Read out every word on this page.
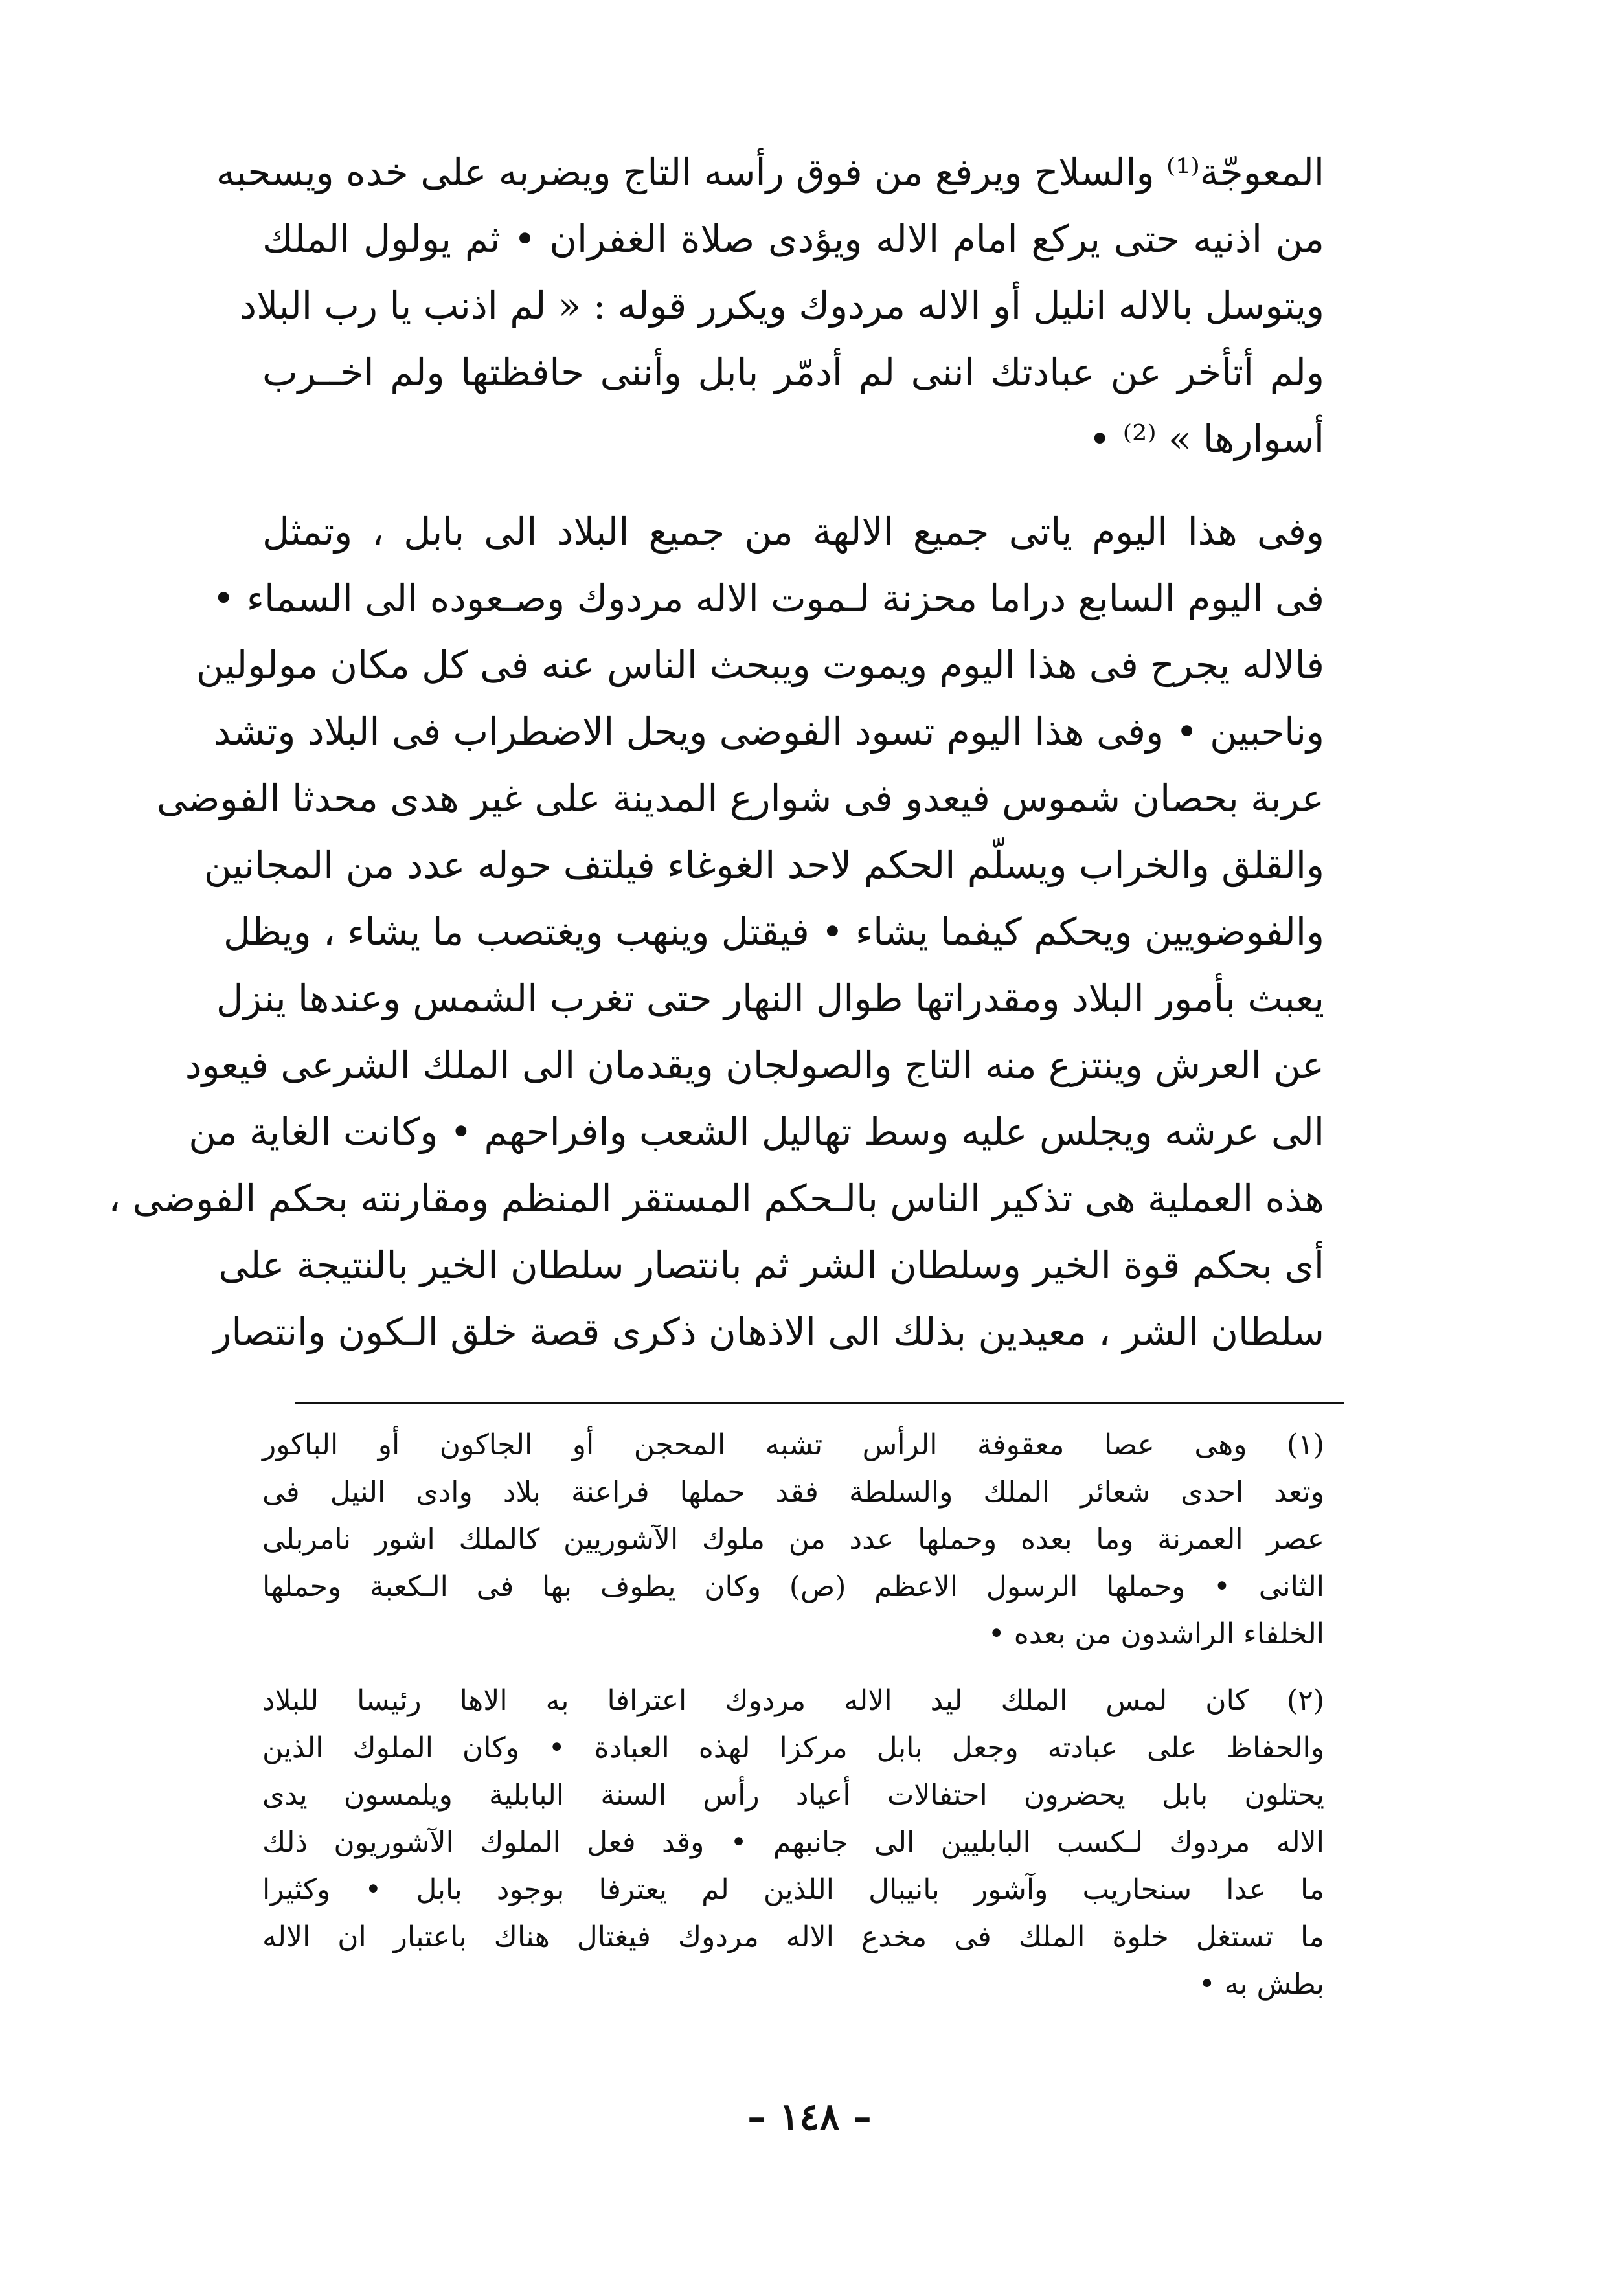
المعوجّة⁽¹⁾ والسلاح ويرفع من فوق رأسه التاج ويضربه على خده ويسحبه
من اذنيه حتى يركع امام الاله ويؤدى صلاة الغفران • ثم يولول الملك
ويتوسل بالاله انليل أو الاله مردوك ويكرر قوله : « لم اذنب يا رب البلاد
ولم أتأخر عن عبادتك اننى لم أدمّر بابل وأننى حافظتها ولم اخــرب
أسوارها » ⁽²⁾ •
وفى هذا اليوم ياتى جميع الالهة من جميع البلاد الى بابل ، وتمثل
فى اليوم السابع دراما محزنة لـموت الاله مردوك وصـعوده الى السماء •
فالاله يجرح فى هذا اليوم ويموت ويبحث الناس عنه فى كل مكان مولولين
وناحبين • وفى هذا اليوم تسود الفوضى ويحل الاضطراب فى البلاد وتشد
عربة بحصان شموس فيعدو فى شوارع المدينة على غير هدى محدثا الفوضى
والقلق والخراب ويسلّم الحكم لاحد الغوغاء فيلتف حوله عدد من المجانين
والفوضويين ويحكم كيفما يشاء • فيقتل وينهب ويغتصب ما يشاء ، ويظل
يعبث بأمور البلاد ومقدراتها طوال النهار حتى تغرب الشمس وعندها ينزل
عن العرش وينتزع منه التاج والصولجان ويقدمان الى الملك الشرعى فيعود
الى عرشه ويجلس عليه وسط تهاليل الشعب وافراحهم • وكانت الغاية من
هذه العملية هى تذكير الناس بالـحكم المستقر المنظم ومقارنته بحكم الفوضى ،
أى بحكم قوة الخير وسلطان الشر ثم بانتصار سلطان الخير بالنتيجة على
سلطان الشر ، معيدين بذلك الى الاذهان ذكرى قصة خلق الـكون وانتصار
(١) وهى عصا معقوفة الرأس تشبه المحجن أو الجاكون أو الباكور
وتعد احدى شعائر الملك والسلطة فقد حملها فراعنة بلاد وادى النيل فى
عصر العمرنة وما بعده وحملها عدد من ملوك الآشوريين كالملك اشور نامربلى
الثانى • وحملها الرسول الاعظم (ص) وكان يطوف بها فى الـكعبة وحملها
الخلفاء الراشدون من بعده •
(٢) كان لمس الملك ليد الاله مردوك اعترافا به الاها رئيسا للبلاد
والحفاظ على عبادته وجعل بابل مركزا لهذه العبادة • وكان الملوك الذين
يحتلون بابل يحضرون احتفالات أعياد رأس السنة البابلية ويلمسون يدى
الاله مردوك لـكسب البابليين الى جانبهم • وقد فعل الملوك الآشوريون ذلك
ما عدا سنحاريب وآشور بانيبال اللذين لم يعترفا بوجود بابل • وكثيرا
ما تستغل خلوة الملك فى مخدع الاله مردوك فيغتال هناك باعتبار ان الاله
بطش به •
– ١٤٨ –
